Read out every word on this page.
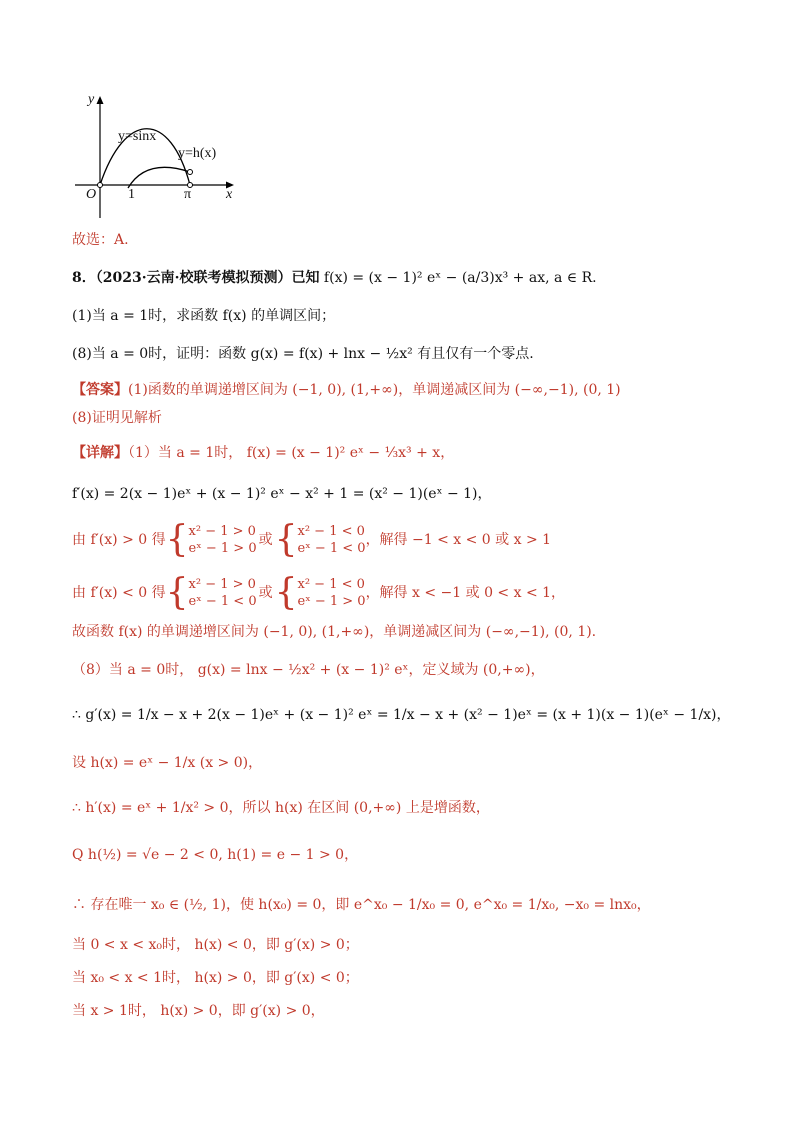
y
y=sinx
y=h(x)
O 1	π x
故选：A.
8．（2023·云南·校联考模拟预测）已知 f(x) = (x − 1)² eˣ − (a/3)x³ + ax, a ∈ R.
(1)当 a = 1时，求函数 f(x) 的单调区间；
(8)当 a = 0时，证明：函数 g(x) = f(x) + lnx − ½x² 有且仅有一个零点.
【答案】(1)函数的单调递增区间为 (−1, 0), (1,+∞)，单调递减区间为 (−∞,−1), (0, 1)
(8)证明见解析
【详解】（1）当 a = 1时， f(x) = (x − 1)² eˣ − ⅓x³ + x，
f′(x) = 2(x − 1)eˣ + (x − 1)² eˣ − x² + 1 = (x² − 1)(eˣ − 1)，
由 f′(x) > 0 得 { x² − 1 > 0
eˣ − 1 > 0
或 { x² − 1 < 0
eˣ − 1 < 0
，解得 −1 < x < 0 或 x > 1
由 f′(x) < 0 得 { x² − 1 > 0
eˣ − 1 < 0
或 { x² − 1 < 0
eˣ − 1 > 0
，解得 x < −1 或 0 < x < 1，
故函数 f(x) 的单调递增区间为 (−1, 0), (1,+∞)，单调递减区间为 (−∞,−1), (0, 1).
（8）当 a = 0时， g(x) = lnx − ½x² + (x − 1)² eˣ，定义域为 (0,+∞)，
∴ g′(x) = 1/x − x + 2(x − 1)eˣ + (x − 1)² eˣ = 1/x − x + (x² − 1)eˣ = (x + 1)(x − 1)(eˣ − 1/x)，
设 h(x) = eˣ − 1/x (x > 0)，
∴ h′(x) = eˣ + 1/x² > 0，所以 h(x) 在区间 (0,+∞) 上是增函数，
Q h(½) = √e − 2 < 0, h(1) = e − 1 > 0，
∴ 存在唯一 x₀ ∈ (½, 1)，使 h(x₀) = 0，即 e^x₀ − 1/x₀ = 0, e^x₀ = 1/x₀, −x₀ = lnx₀，
当 0 < x < x₀时， h(x) < 0，即 g′(x) > 0；
当 x₀ < x < 1时， h(x) > 0，即 g′(x) < 0；
当 x > 1时， h(x) > 0，即 g′(x) > 0，
